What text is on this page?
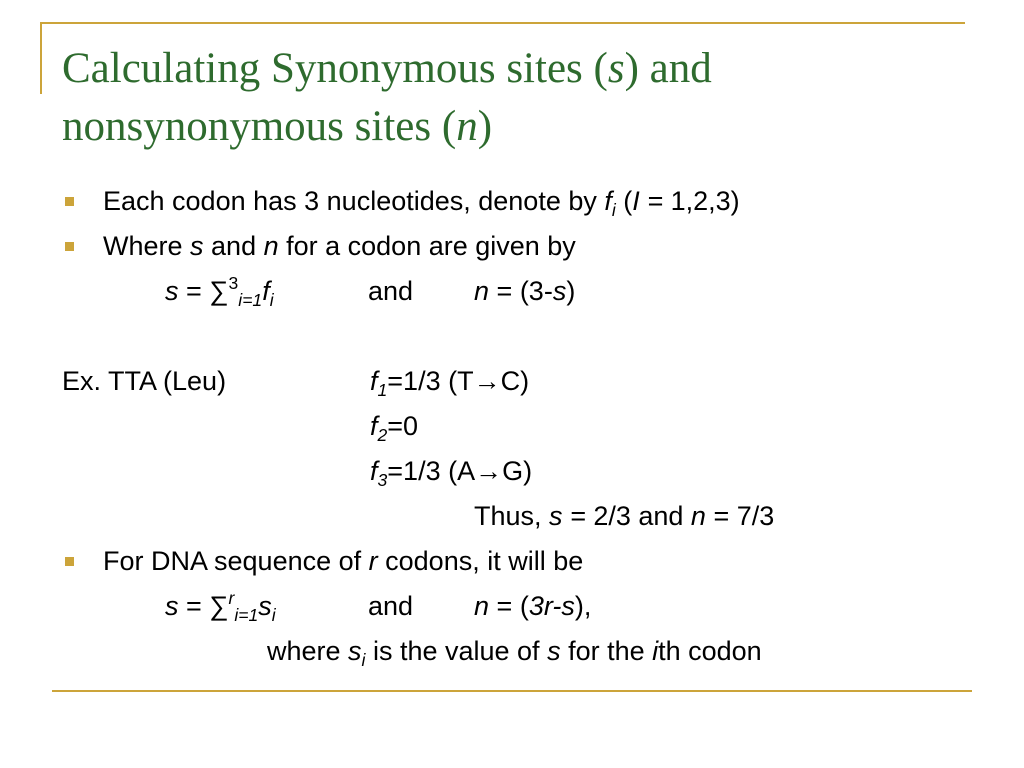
Calculating Synonymous sites (s) and
nonsynonymous sites (n)
Each codon has 3 nucleotides, denote by $f_i$ (I = 1,2,3)
Where s and n for a codon are given by
$s = \sum^3_{i=1}f_i$	and n = (3-s)
Ex. TTA (Leu)	$f_1=1/3$ (T→C)
$f_2=0$
$f_3=1/3$ (A→G)
Thus, s = 2/3 and n = 7/3
For DNA sequence of r codons, it will be
$s = \sum^r_{i=1}s_i$	and n = (3r-s),
where $s_i$ is the value of s for the ith codon
